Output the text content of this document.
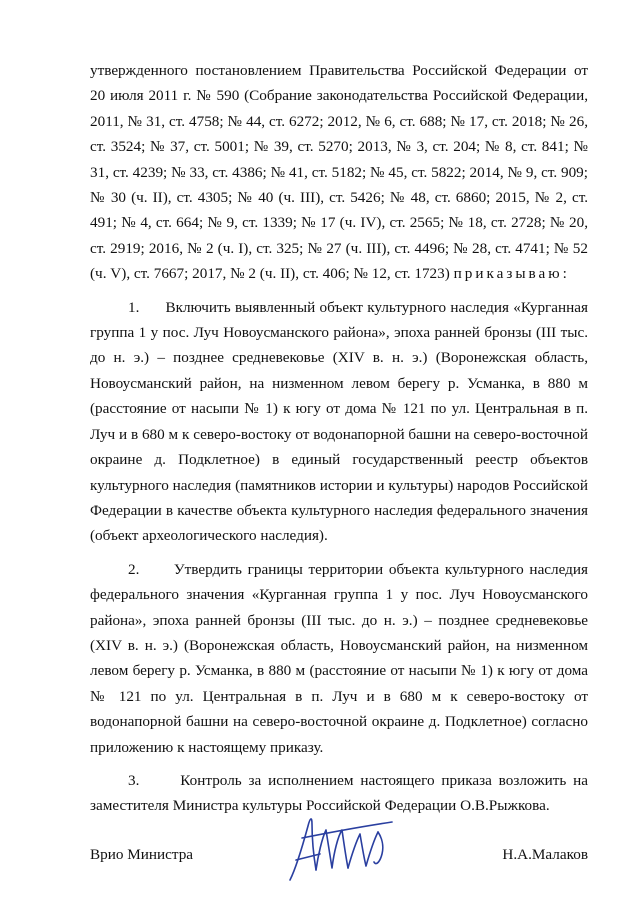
утвержденного постановлением Правительства Российской Федерации от 20 июля 2011 г. № 590 (Собрание законодательства Российской Федерации, 2011, № 31, ст. 4758; № 44, ст. 6272; 2012, № 6, ст. 688; № 17, ст. 2018; № 26, ст. 3524; № 37, ст. 5001; № 39, ст. 5270; 2013, № 3, ст. 204; № 8, ст. 841; № 31, ст. 4239; № 33, ст. 4386; № 41, ст. 5182; № 45, ст. 5822; 2014, № 9, ст. 909; № 30 (ч. II), ст. 4305; № 40 (ч. III), ст. 5426; № 48, ст. 6860; 2015, № 2, ст. 491; № 4, ст. 664; № 9, ст. 1339; № 17 (ч. IV), ст. 2565; № 18, ст. 2728; № 20, ст. 2919; 2016, № 2 (ч. I), ст. 325; № 27 (ч. III), ст. 4496; № 28, ст. 4741; № 52 (ч. V), ст. 7667; 2017, № 2 (ч. II), ст. 406; № 12, ст. 1723) приказываю:

1. Включить выявленный объект культурного наследия «Курганная группа 1 у пос. Луч Новоусманского района», эпоха ранней бронзы (III тыс. до н. э.) – позднее средневековье (XIV в. н. э.) (Воронежская область, Новоусманский район, на низменном левом берегу р. Усманка, в 880 м (расстояние от насыпи № 1) к югу от дома № 121 по ул. Центральная в п. Луч и в 680 м к северо-востоку от водонапорной башни на северо-восточной окраине д. Подклетное) в единый государственный реестр объектов культурного наследия (памятников истории и культуры) народов Российской Федерации в качестве объекта культурного наследия федерального значения (объект археологического наследия).

2. Утвердить границы территории объекта культурного наследия федерального значения «Курганная группа 1 у пос. Луч Новоусманского района», эпоха ранней бронзы (III тыс. до н. э.) – позднее средневековье (XIV в. н. э.) (Воронежская область, Новоусманский район, на низменном левом берегу р. Усманка, в 880 м (расстояние от насыпи № 1) к югу от дома № 121 по ул. Центральная в п. Луч и в 680 м к северо-востоку от водонапорной башни на северо-восточной окраине д. Подклетное) согласно приложению к настоящему приказу.

3.	Контроль за исполнением настоящего приказа возложить на заместителя Министра культуры Российской Федерации О.В.Рыжкова.

Врио Министра	Н.А.Малаков
